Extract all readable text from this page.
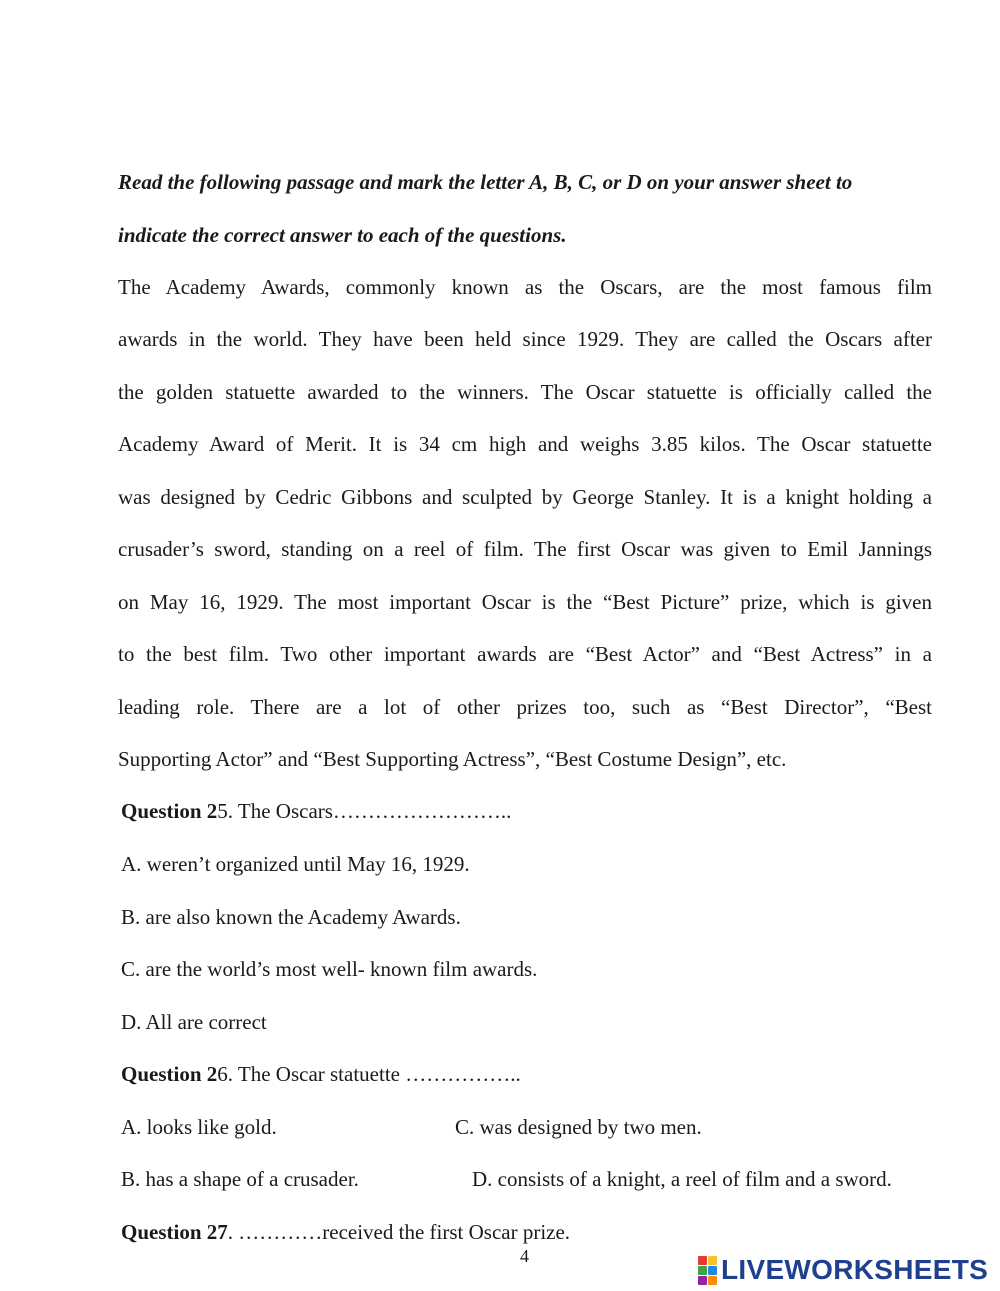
Read the following passage and mark the letter A, B, C, or D on your answer sheet to
indicate the correct answer to each of the questions.
The Academy Awards, commonly known as the Oscars, are the most famous film
awards in the world. They have been held since 1929. They are called the Oscars after
the golden statuette awarded to the winners. The Oscar statuette is officially called the
Academy Award of Merit. It is 34 cm high and weighs 3.85 kilos. The Oscar statuette
was designed by Cedric Gibbons and sculpted by George Stanley. It is a knight holding a
crusader’s sword, standing on a reel of film. The first Oscar was given to Emil Jannings
on May 16, 1929. The most important Oscar is the “Best Picture” prize, which is given
to the best film. Two other important awards are “Best Actor” and “Best Actress” in a
leading role. There are a lot of other prizes too, such as “Best Director”, “Best
Supporting Actor” and “Best Supporting Actress”, “Best Costume Design”, etc.
Question 25. The Oscars……………………..
A. weren’t organized until May 16, 1929.
B. are also known the Academy Awards.
C. are the world’s most well- known film awards.
D. All are correct
Question 26. The Oscar statuette ……………..
A. looks like gold.	C. was designed by two men.
B. has a shape of a crusader.	D. consists of a knight, a reel of film and a sword.
Question 27. …………received the first Oscar prize.
4	LIVEWORKSHEETS
